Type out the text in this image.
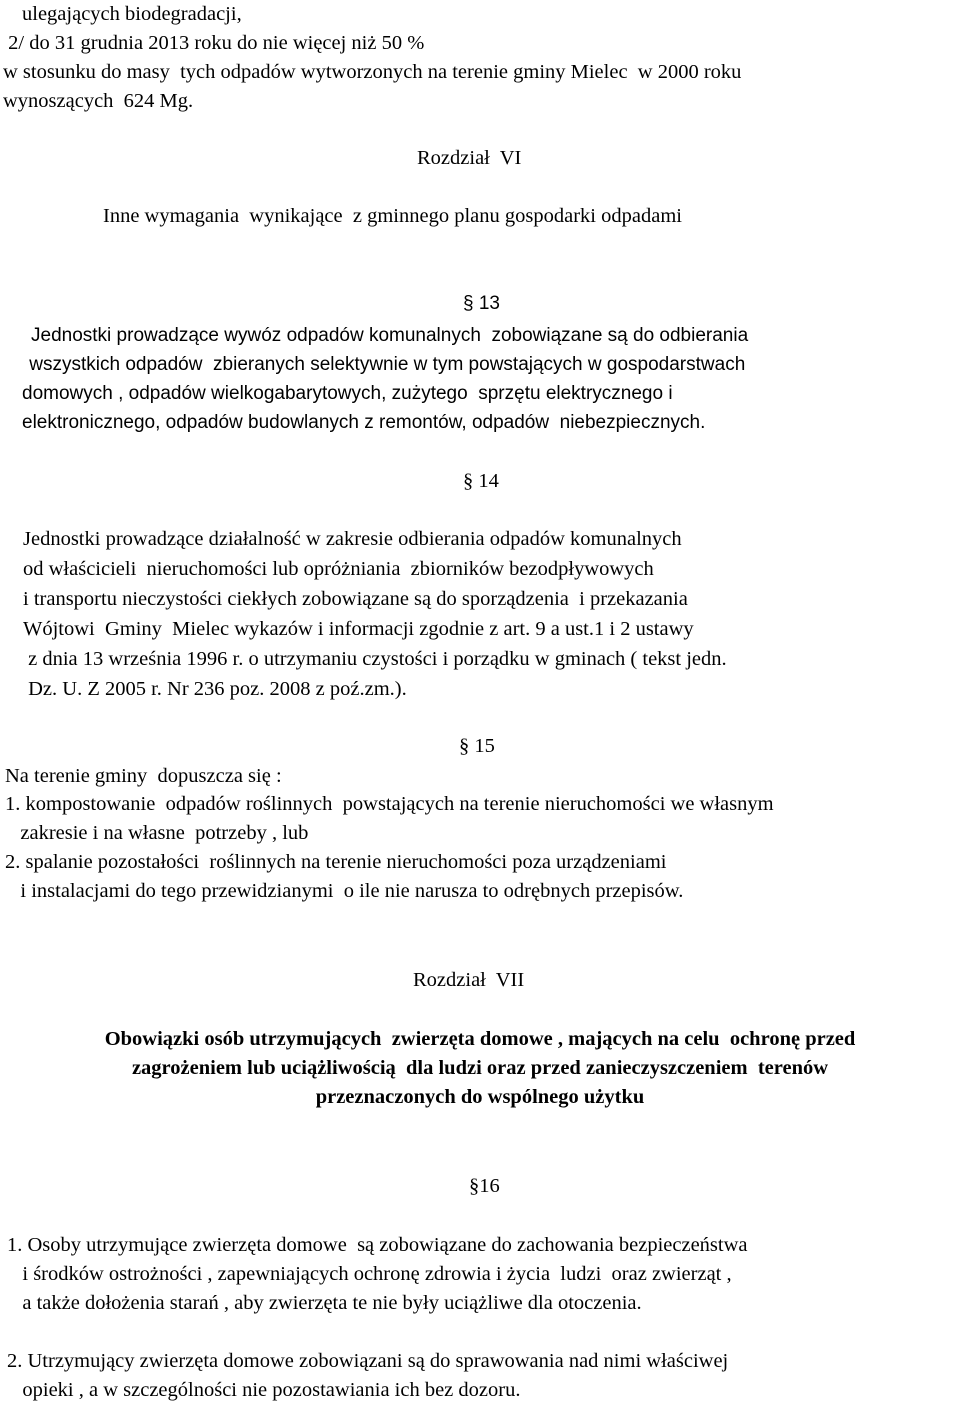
ulegających biodegradacji,
2/ do 31 grudnia 2013 roku do nie więcej niż 50 %
w stosunku do masy  tych odpadów wytworzonych na terenie gminy Mielec  w 2000 roku
wynoszących  624 Mg.
Rozdział  VI
Inne wymagania  wynikające  z gminnego planu gospodarki odpadami
§ 13
Jednostki prowadzące wywóz odpadów komunalnych  zobowiązane są do odbierania
wszystkich odpadów  zbieranych selektywnie w tym powstających w gospodarstwach
domowych , odpadów wielkogabarytowych, zużytego  sprzętu elektrycznego i
elektronicznego, odpadów budowlanych z remontów, odpadów  niebezpiecznych.
§ 14
Jednostki prowadzące działalność w zakresie odbierania odpadów komunalnych
od właścicieli  nieruchomości lub opróżniania  zbiorników bezodpływowych
i transportu nieczystości ciekłych zobowiązane są do sporządzenia  i przekazania
Wójtowi  Gminy  Mielec wykazów i informacji zgodnie z art. 9 a ust.1 i 2 ustawy
z dnia 13 września 1996 r. o utrzymaniu czystości i porządku w gminach ( tekst jedn.
Dz. U. Z 2005 r. Nr 236 poz. 2008 z poź.zm.).
§ 15
Na terenie gminy  dopuszcza się :
1. kompostowanie  odpadów roślinnych  powstających na terenie nieruchomości we własnym
zakresie i na własne  potrzeby , lub
2. spalanie pozostałości  roślinnych na terenie nieruchomości poza urządzeniami
i instalacjami do tego przewidzianymi  o ile nie narusza to odrębnych przepisów.
Rozdział  VII
Obowiązki osób utrzymujących  zwierzęta domowe , mających na celu  ochronę przed
zagrożeniem lub uciążliwością  dla ludzi oraz przed zanieczyszczeniem  terenów
przeznaczonych do wspólnego użytku
§16
1. Osoby utrzymujące zwierzęta domowe  są zobowiązane do zachowania bezpieczeństwa
i środków ostrożności , zapewniających ochronę zdrowia i życia  ludzi  oraz zwierząt ,
a także dołożenia starań , aby zwierzęta te nie były uciążliwe dla otoczenia.
2. Utrzymujący zwierzęta domowe zobowiązani są do sprawowania nad nimi właściwej
opieki , a w szczególności nie pozostawiania ich bez dozoru.
